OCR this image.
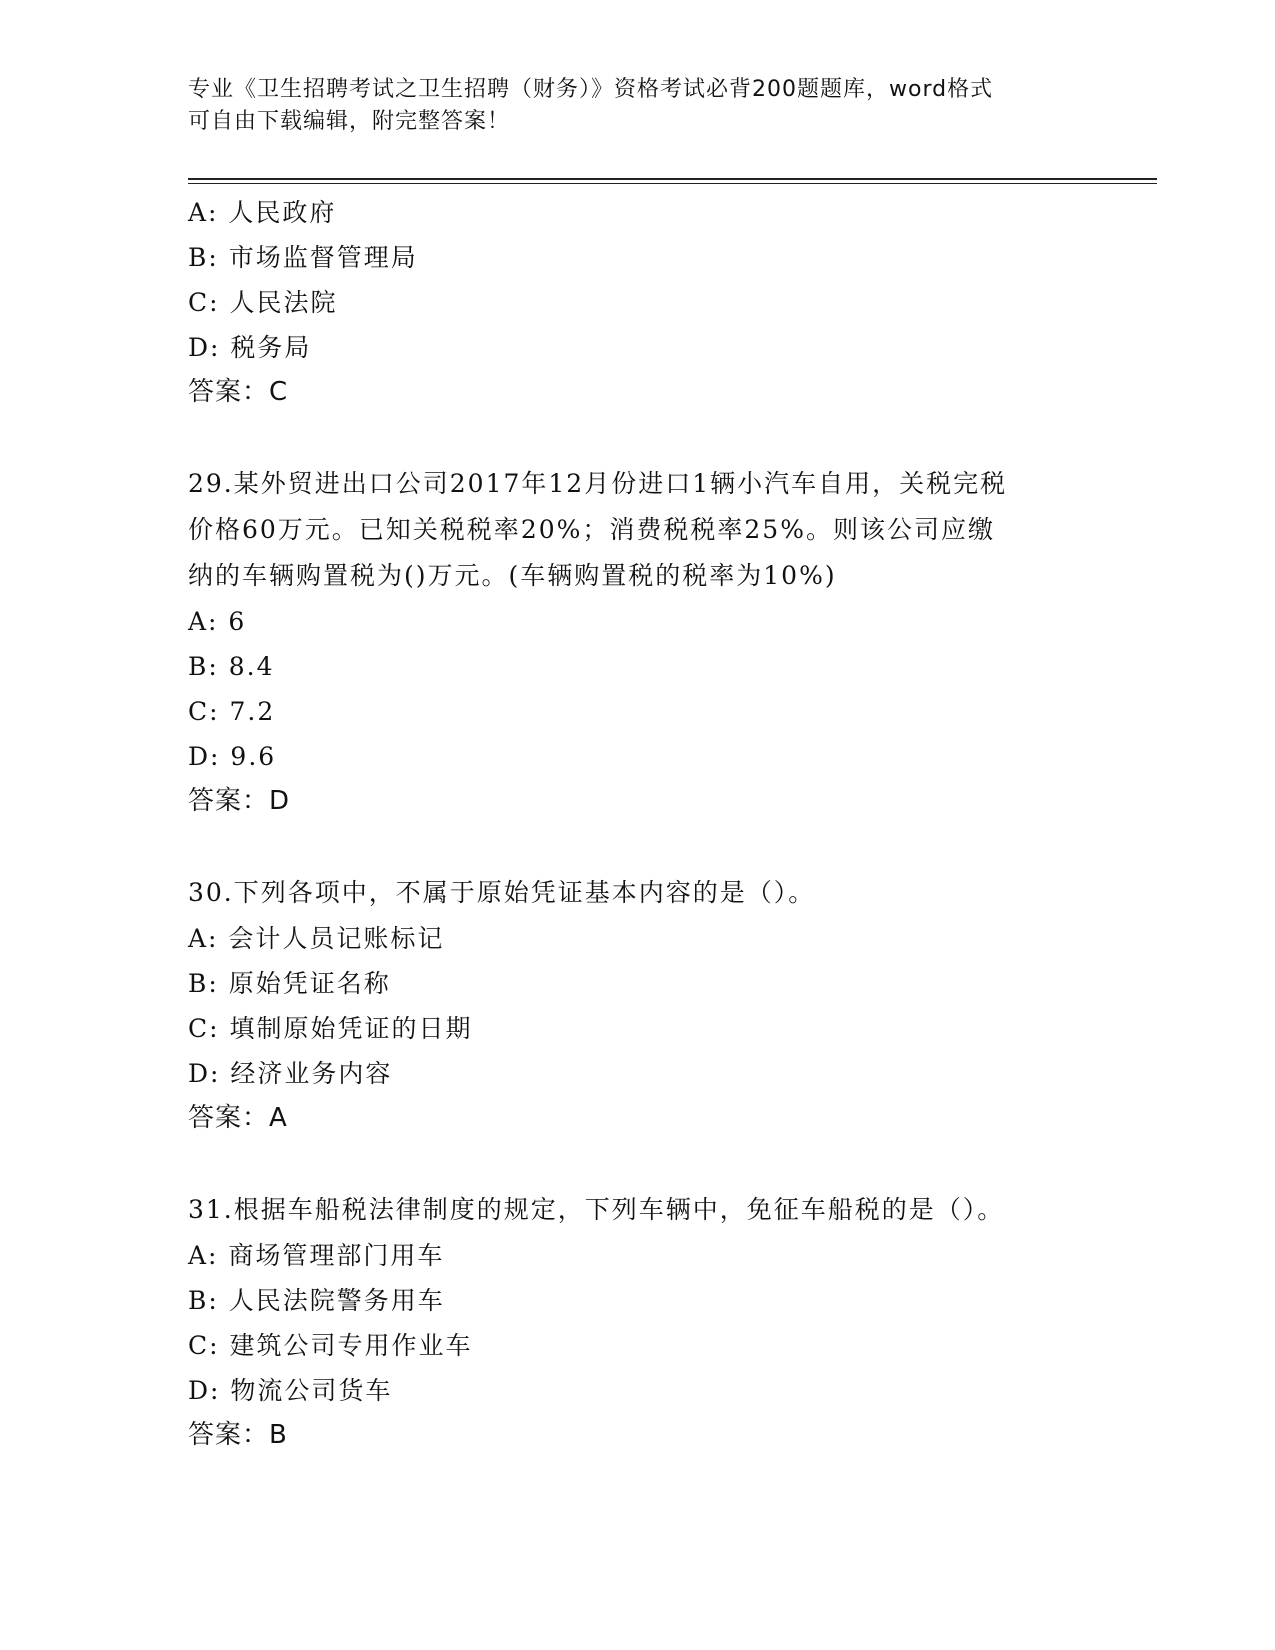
专业《卫生招聘考试之卫生招聘（财务）》资格考试必背200题题库，word格式
可自由下载编辑，附完整答案！
A: 人民政府
B: 市场监督管理局
C: 人民法院
D: 税务局
答案：C
29.某外贸进出口公司2017年12月份进口1辆小汽车自用，关税完税
价格60万元。已知关税税率20%；消费税税率25%。则该公司应缴
纳的车辆购置税为()万元。(车辆购置税的税率为10%)
A: 6
B: 8.4
C: 7.2
D: 9.6
答案：D
30.下列各项中，不属于原始凭证基本内容的是（）。
A: 会计人员记账标记
B: 原始凭证名称
C: 填制原始凭证的日期
D: 经济业务内容
答案：A
31.根据车船税法律制度的规定，下列车辆中，免征车船税的是（）。
A: 商场管理部门用车
B: 人民法院警务用车
C: 建筑公司专用作业车
D: 物流公司货车
答案：B
